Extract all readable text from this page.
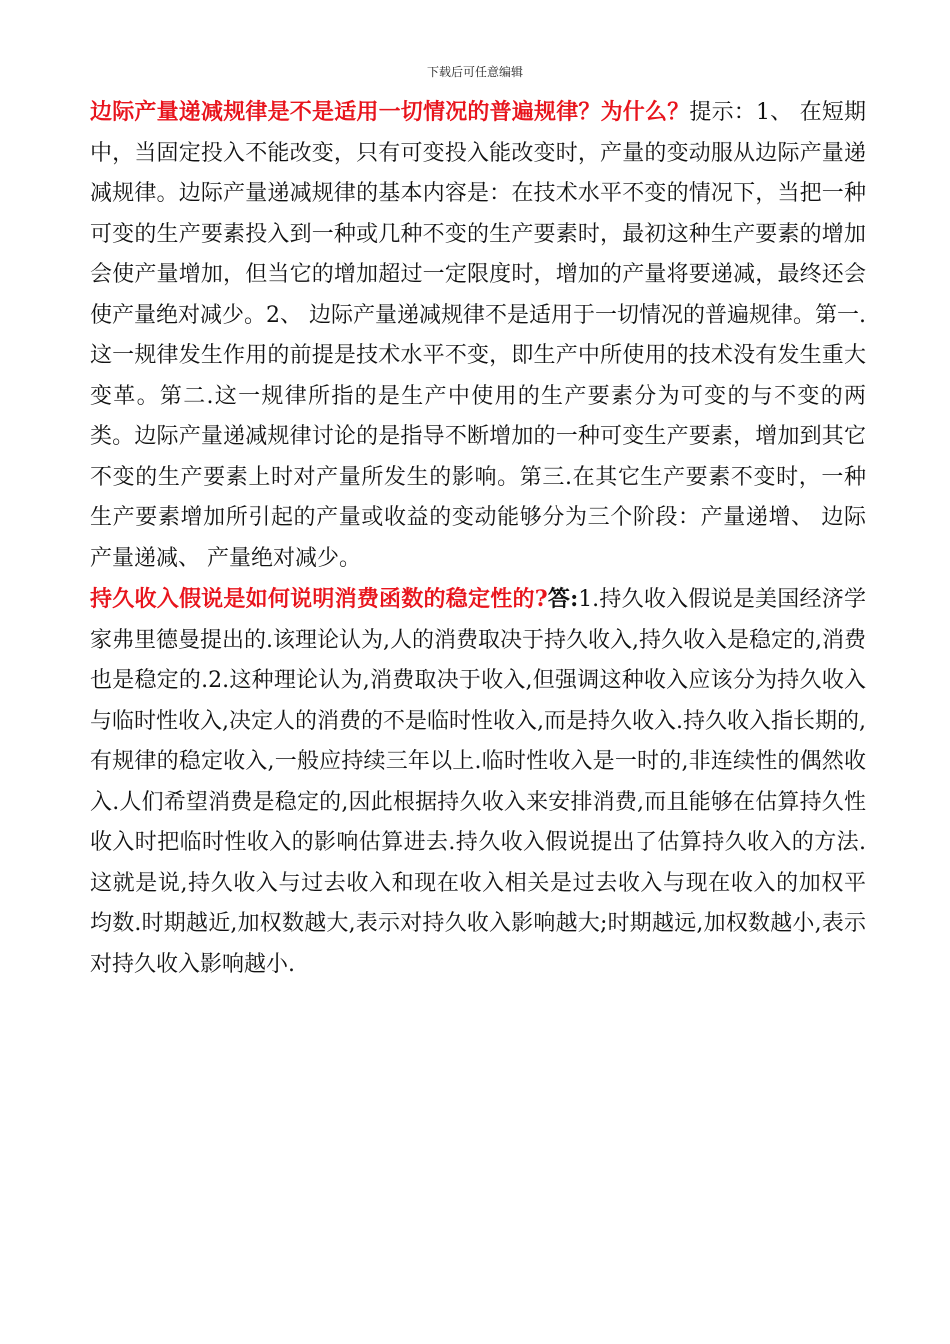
下载后可任意编辑

边际产量递减规律是不是适用一切情况的普遍规律？为什么？提示：1、 在短期中，当固定投入不能改变，只有可变投入能改变时，产量的变动服从边际产量递减规律。边际产量递减规律的基本内容是：在技术水平不变的情况下，当把一种可变的生产要素投入到一种或几种不变的生产要素时，最初这种生产要素的增加会使产量增加，但当它的增加超过一定限度时，增加的产量将要递减，最终还会使产量绝对减少。2、 边际产量递减规律不是适用于一切情况的普遍规律。第一.这一规律发生作用的前提是技术水平不变，即生产中所使用的技术没有发生重大变革。第二.这一规律所指的是生产中使用的生产要素分为可变的与不变的两类。边际产量递减规律讨论的是指导不断增加的一种可变生产要素，增加到其它不变的生产要素上时对产量所发生的影响。第三.在其它生产要素不变时，一种生产要素增加所引起的产量或收益的变动能够分为三个阶段：产量递增、 边际产量递减、 产量绝对减少。

持久收入假说是如何说明消费函数的稳定性的?答:1.持久收入假说是美国经济学家弗里德曼提出的.该理论认为,人的消费取决于持久收入,持久收入是稳定的,消费也是稳定的.2.这种理论认为,消费取决于收入,但强调这种收入应该分为持久收入与临时性收入,决定人的消费的不是临时性收入,而是持久收入.持久收入指长期的,有规律的稳定收入,一般应持续三年以上.临时性收入是一时的,非连续性的偶然收入.人们希望消费是稳定的,因此根据持久收入来安排消费,而且能够在估算持久性收入时把临时性收入的影响估算进去.持久收入假说提出了估算持久收入的方法.这就是说,持久收入与过去收入和现在收入相关是过去收入与现在收入的加权平均数.时期越近,加权数越大,表示对持久收入影响越大;时期越远,加权数越小,表示对持久收入影响越小.
